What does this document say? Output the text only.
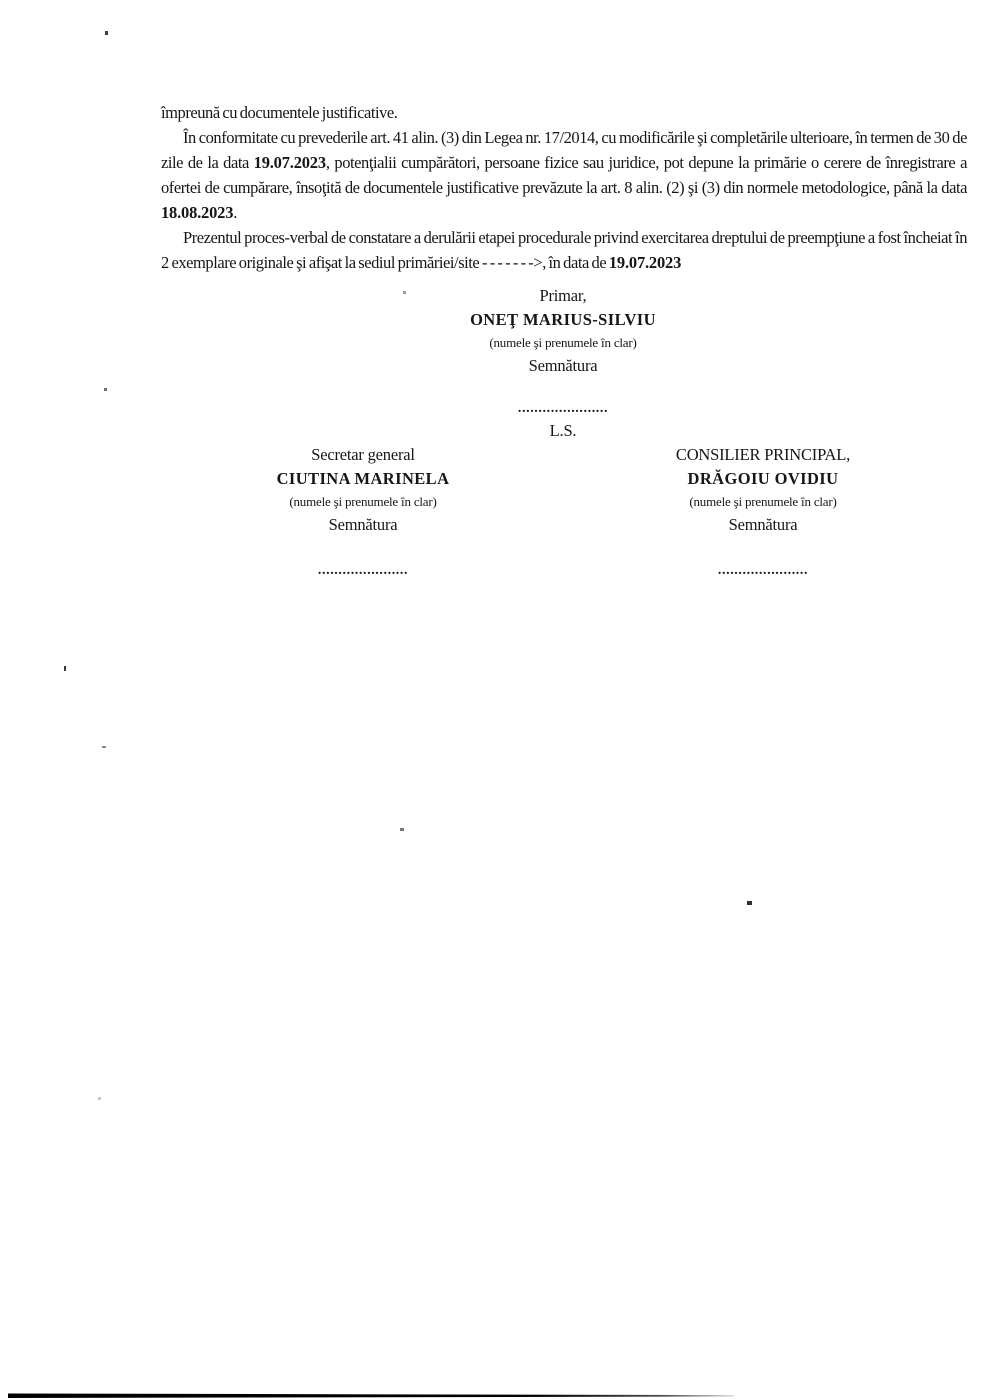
împreună cu documentele justificative.

În conformitate cu prevederile art. 41 alin. (3) din Legea nr. 17/2014, cu modificările şi completările ulterioare, în termen de 30 de zile de la data 19.07.2023, potenţialii cumpărători, persoane fizice sau juridice, pot depune la primărie o cerere de înregistrare a ofertei de cumpărare, însoţită de documentele justificative prevăzute la art. 8 alin. (2) şi (3) din normele metodologice, până la data 18.08.2023.

Prezentul proces-verbal de constatare a derulării etapei procedurale privind exercitarea dreptului de preempţiune a fost încheiat în 2 exemplare originale şi afişat la sediul primăriei/site - - - - - - ->, în data de 19.07.2023

Primar,
ONEŢ MARIUS-SILVIU
(numele şi prenumele în clar)
Semnătura
......................
L.S.
Secretar general
CIUTINA MARINELA
(numele şi prenumele în clar)
Semnătura
......................
CONSILIER PRINCIPAL,
DRĂGOIU OVIDIU
(numele şi prenumele în clar)
Semnătura
......................
